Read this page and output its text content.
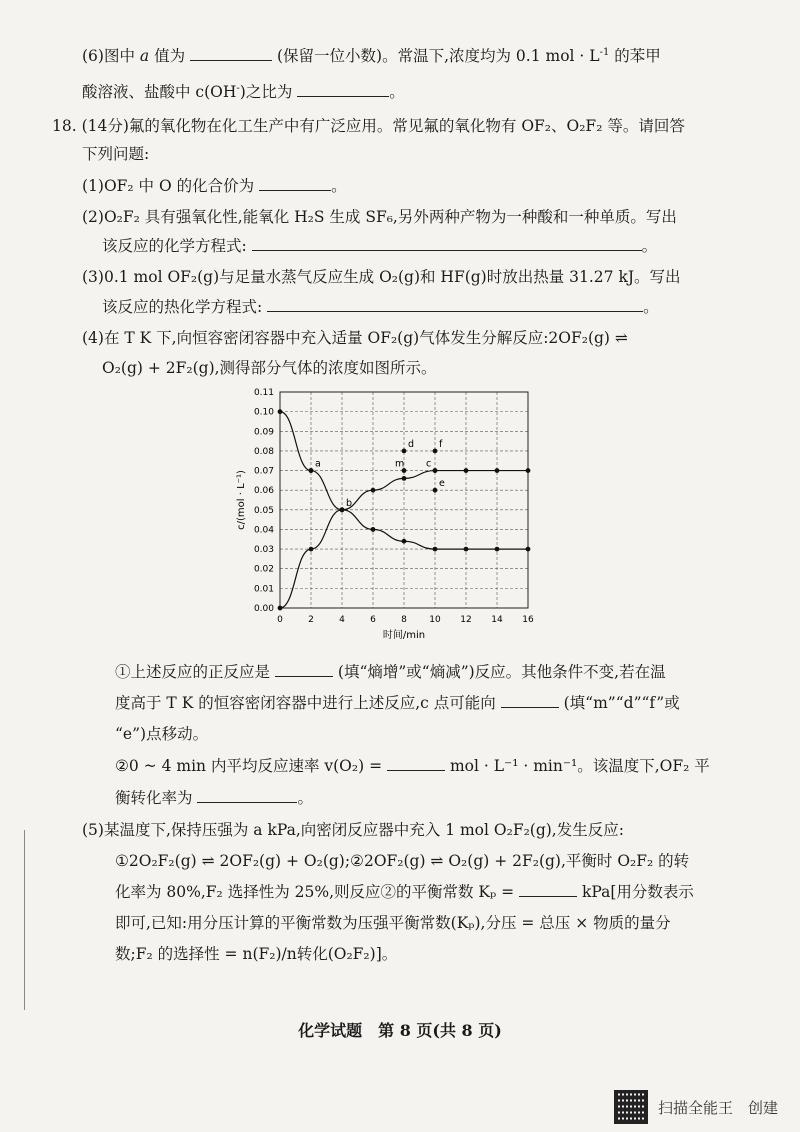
(6)图中 a 值为	(保留一位小数)。常温下,浓度均为 0.1 mol · $L^{-1}$ 的苯甲
酸溶液、盐酸中 c(OH-)之比为	。
18. (14分)氟的氧化物在化工生产中有广泛应用。常见氟的氧化物有 OF₂、O₂F₂ 等。请回答
下列问题:
(1)OF₂ 中 O 的化合价为	。
(2)O₂F₂ 具有强氧化性,能氧化 H₂S 生成 SF₆,另外两种产物为一种酸和一种单质。写出
该反应的化学方程式:	。
(3)0.1 mol OF₂(g)与足量水蒸气反应生成 O₂(g)和 HF(g)时放出热量 31.27 kJ。写出
该反应的热化学方程式:	。
(4)在 T K 下,向恒容密闭容器中充入适量 OF₂(g)气体发生分解反应:2OF₂(g) ⇌
O₂(g) + 2F₂(g),测得部分气体的浓度如图所示。
0.00
0.01
0.02
0.03
0.04
0.05
0.06
0.07
0.08
0.09
0.10
0.11
0	2	4	6	8 10 12 14 16
a
b
m
d
c
f
e
时间/min
c/(mol · L⁻¹)
①上述反应的正反应是	(填“熵增”或“熵减”)反应。其他条件不变,若在温
度高于 T K 的恒容密闭容器中进行上述反应,c 点可能向	(填“m”“d”“f”或
“e”)点移动。
②0 ~ 4 min 内平均反应速率 v(O₂) =	mol · L⁻¹ · min⁻¹。该温度下,OF₂ 平
衡转化率为	。
(5)某温度下,保持压强为 a kPa,向密闭反应器中充入 1 mol O₂F₂(g),发生反应:
①2O₂F₂(g) ⇌ 2OF₂(g) + O₂(g);②2OF₂(g) ⇌ O₂(g) + 2F₂(g),平衡时 O₂F₂ 的转
化率为 80%,F₂ 选择性为 25%,则反应②的平衡常数 Kₚ =	kPa[用分数表示
即可,已知:用分压计算的平衡常数为压强平衡常数(Kₚ),分压 = 总压 × 物质的量分
数;F₂ 的选择性 = n(F₂)/n转化(O₂F₂)]。
化学试题　第 8 页(共 8 页)
扫描全能王　创建
